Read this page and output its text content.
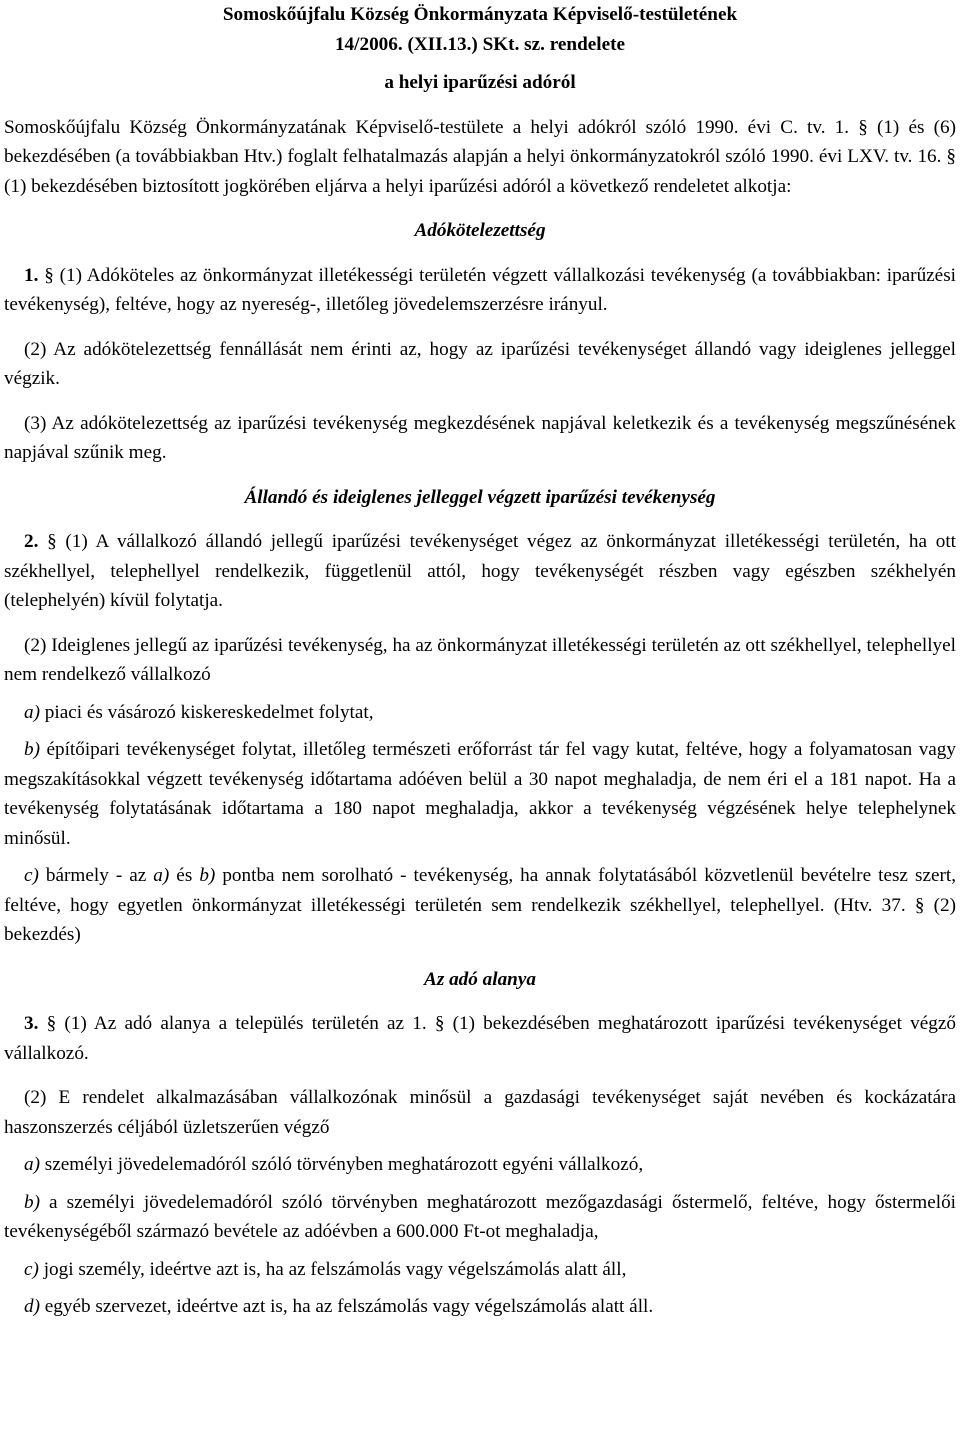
Somoskőújfalu Község Önkormányzata Képviselő-testületének
14/2006. (XII.13.) SKt. sz. rendelete
a helyi iparűzési adóról

Somoskőújfalu Község Önkormányzatának Képviselő-testülete a helyi adókról szóló 1990. évi C. tv. 1. § (1) és (6) bekezdésében (a továbbiakban Htv.) foglalt felhatalmazás alapján a helyi önkormányzatokról szóló 1990. évi LXV. tv. 16. § (1) bekezdésében biztosított jogkörében eljárva a helyi iparűzési adóról a következő rendeletet alkotja:

Adókötelezettség

1. § (1) Adóköteles az önkormányzat illetékességi területén végzett vállalkozási tevékenység (a továbbiakban: iparűzési tevékenység), feltéve, hogy az nyereség-, illetőleg jövedelemszerzésre irányul.

(2) Az adókötelezettség fennállását nem érinti az, hogy az iparűzési tevékenységet állandó vagy ideiglenes jelleggel végzik.

(3) Az adókötelezettség az iparűzési tevékenység megkezdésének napjával keletkezik és a tevékenység megszűnésének napjával szűnik meg.

Állandó és ideiglenes jelleggel végzett iparűzési tevékenység

2. § (1) A vállalkozó állandó jellegű iparűzési tevékenységet végez az önkormányzat illetékességi területén, ha ott székhellyel, telephellyel rendelkezik, függetlenül attól, hogy tevékenységét részben vagy egészben székhelyén (telephelyén) kívül folytatja.

(2) Ideiglenes jellegű az iparűzési tevékenység, ha az önkormányzat illetékességi területén az ott székhellyel, telephellyel nem rendelkező vállalkozó

a) piaci és vásározó kiskereskedelmet folytat,

b) építőipari tevékenységet folytat, illetőleg természeti erőforrást tár fel vagy kutat, feltéve, hogy a folyamatosan vagy megszakításokkal végzett tevékenység időtartama adóéven belül a 30 napot meghaladja, de nem éri el a 181 napot. Ha a tevékenység folytatásának időtartama a 180 napot meghaladja, akkor a tevékenység végzésének helye telephelynek minősül.

c) bármely - az a) és b) pontba nem sorolható - tevékenység, ha annak folytatásából közvetlenül bevételre tesz szert, feltéve, hogy egyetlen önkormányzat illetékességi területén sem rendelkezik székhellyel, telephellyel. (Htv. 37. § (2) bekezdés)

Az adó alanya

3. § (1) Az adó alanya a település területén az 1. § (1) bekezdésében meghatározott iparűzési tevékenységet végző vállalkozó.

(2) E rendelet alkalmazásában vállalkozónak minősül a gazdasági tevékenységet saját nevében és kockázatára haszonszerzés céljából üzletszerűen végző

a) személyi jövedelemadóról szóló törvényben meghatározott egyéni vállalkozó,

b) a személyi jövedelemadóról szóló törvényben meghatározott mezőgazdasági őstermelő, feltéve, hogy őstermelői tevékenységéből származó bevétele az adóévben a 600.000 Ft-ot meghaladja,

c) jogi személy, ideértve azt is, ha az felszámolás vagy végelszámolás alatt áll,

d) egyéb szervezet, ideértve azt is, ha az felszámolás vagy végelszámolás alatt áll.
